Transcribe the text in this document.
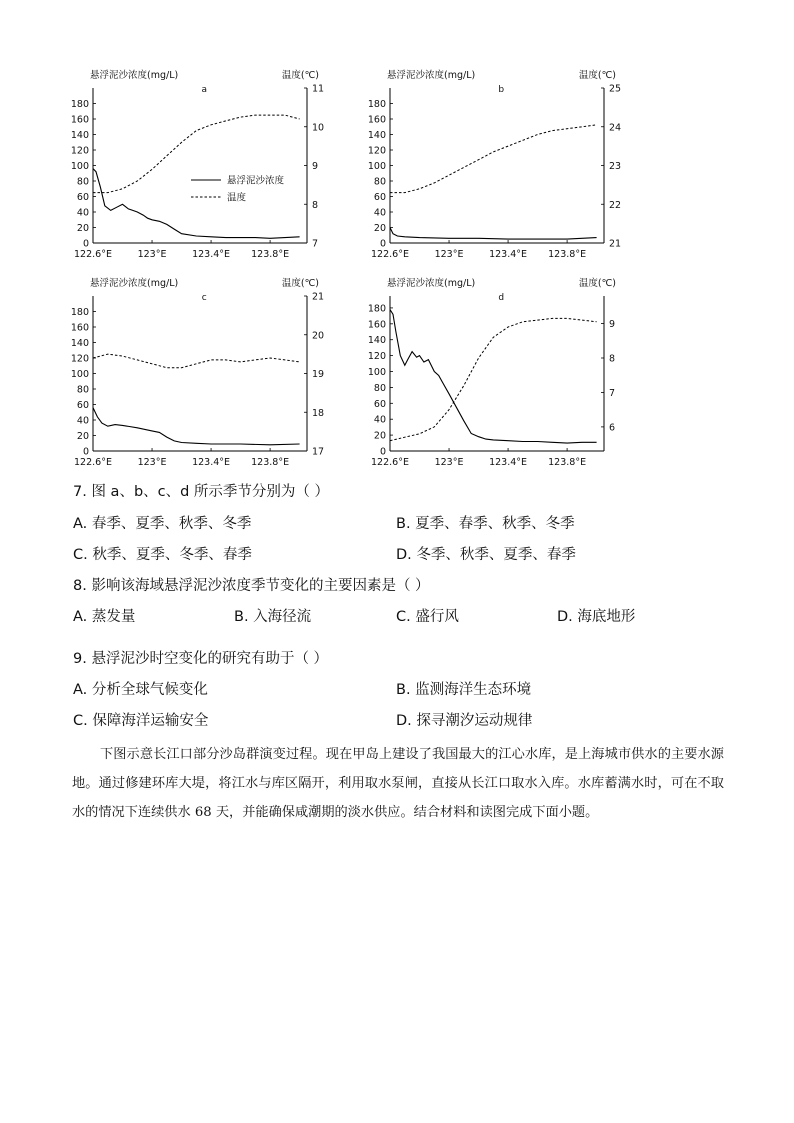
悬浮泥沙浓度(mg/L)	温度(℃)
a
0
20
40
60
80
100
120
140
160
180
7
8
9
10
11
122.6°E	123°E	123.4°E 123.8°E
悬浮泥沙浓度
温度
悬浮泥沙浓度(mg/L)	温度(℃)
b
0
20
40
60
80
100
120
140
160
180
21
22
23
24
25
122.6°E	123°E	123.4°E 123.8°E
悬浮泥沙浓度(mg/L)	温度(℃)
c
0
20
40
60
80
100
120
140
160
180
17
18
19
20
21
122.6°E	123°E	123.4°E 123.8°E
悬浮泥沙浓度(mg/L)	温度(℃)
d
0
20
40
60
80
100
120
140
160
180
6
7
8
9
122.6°E	123°E	123.4°E 123.8°E
7. 图 a、b、c、d 所示季节分别为（ ）
A. 春季、夏季、秋季、冬季	B. 夏季、春季、秋季、冬季
C. 秋季、夏季、冬季、春季	D. 冬季、秋季、夏季、春季
8. 影响该海域悬浮泥沙浓度季节变化的主要因素是（ ）
A. 蒸发量	B. 入海径流	C. 盛行风	D. 海底地形
9. 悬浮泥沙时空变化的研究有助于（ ）
A. 分析全球气候变化	B. 监测海洋生态环境
C. 保障海洋运输安全	D. 探寻潮汐运动规律

下图示意长江口部分沙岛群演变过程。现在甲岛上建设了我国最大的江心水库，是上海城市供水的主要水源地。通过修建环库大堤，将江水与库区隔开，利用取水泵闸，直接从长江口取水入库。水库蓄满水时，可在不取水的情况下连续供水 68 天，并能确保咸潮期的淡水供应。结合材料和读图完成下面小题。
